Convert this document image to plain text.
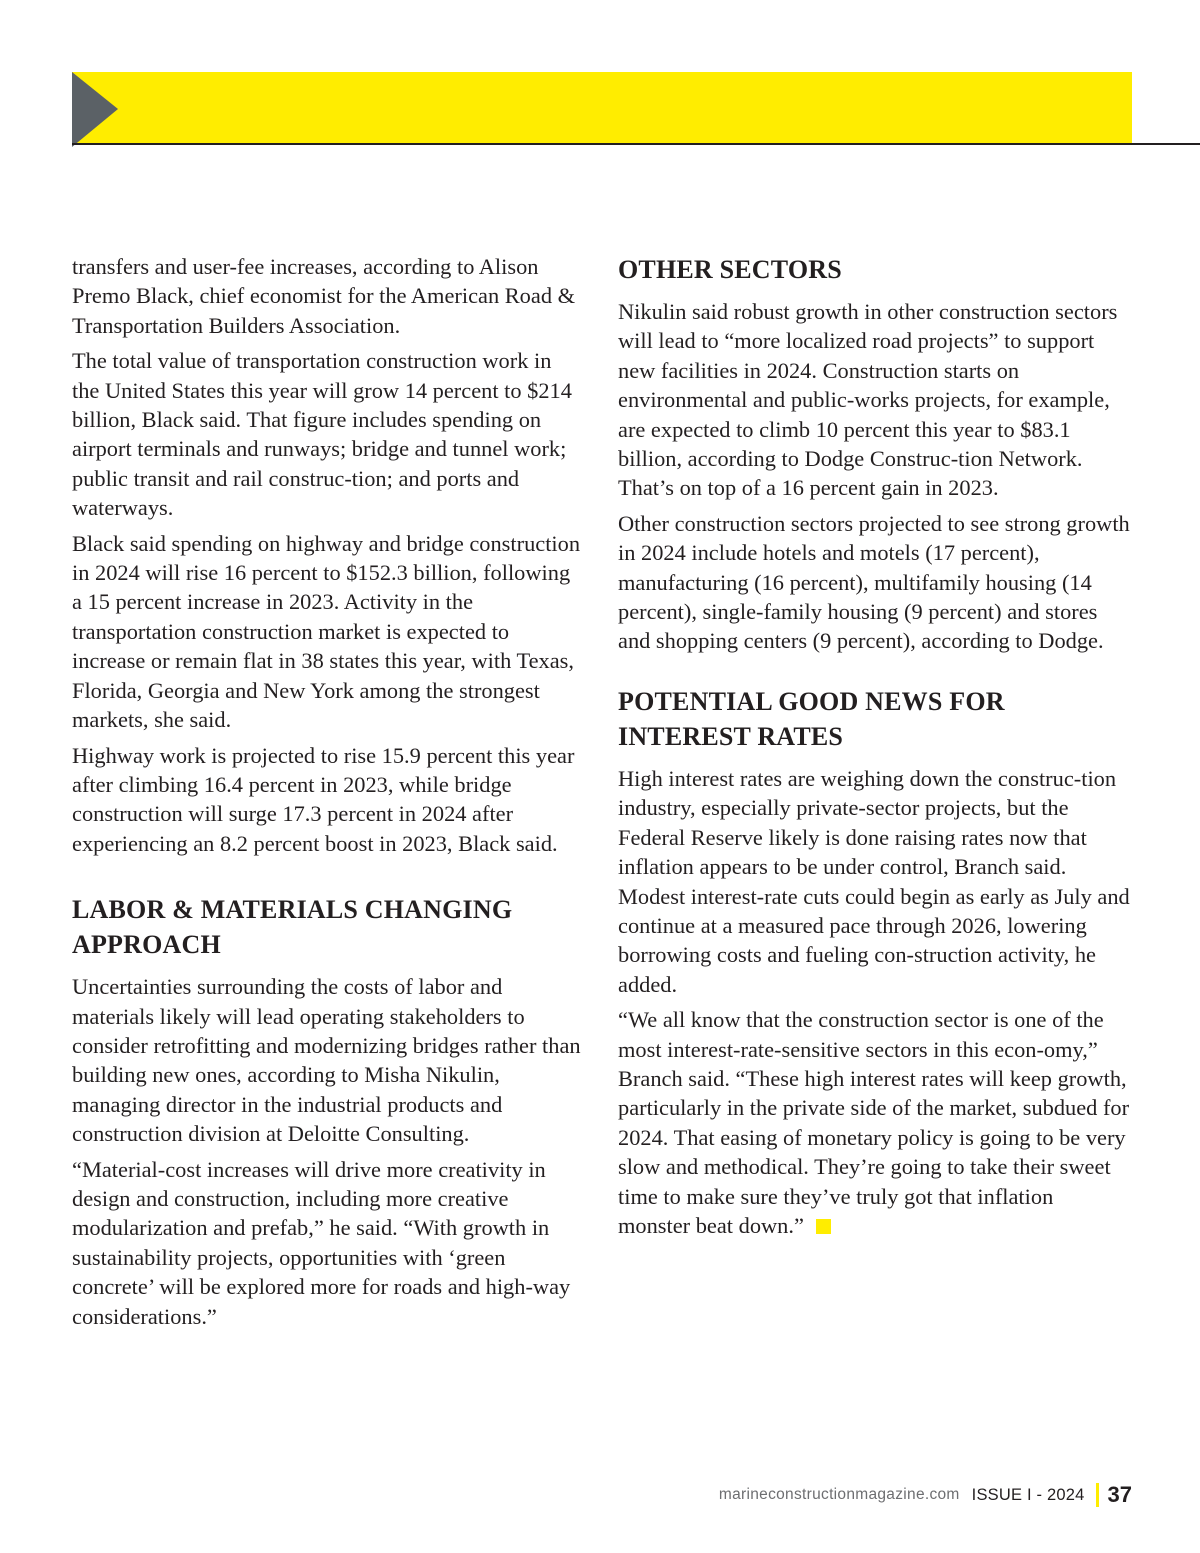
transfers and user-fee increases, according to Alison Premo Black, chief economist for the American Road & Transportation Builders Association.

The total value of transportation construction work in the United States this year will grow 14 percent to $214 billion, Black said. That figure includes spending on airport terminals and runways; bridge and tunnel work; public transit and rail construc-tion; and ports and waterways.

Black said spending on highway and bridge construction in 2024 will rise 16 percent to $152.3 billion, following a 15 percent increase in 2023. Activity in the transportation construction market is expected to increase or remain flat in 38 states this year, with Texas, Florida, Georgia and New York among the strongest markets, she said.

Highway work is projected to rise 15.9 percent this year after climbing 16.4 percent in 2023, while bridge construction will surge 17.3 percent in 2024 after experiencing an 8.2 percent boost in 2023, Black said.

LABOR & MATERIALS CHANGING APPROACH

Uncertainties surrounding the costs of labor and materials likely will lead operating stakeholders to consider retrofitting and modernizing bridges rather than building new ones, according to Misha Nikulin, managing director in the industrial products and construction division at Deloitte Consulting.

“Material-cost increases will drive more creativity in design and construction, including more creative modularization and prefab,” he said. “With growth in sustainability projects, opportunities with ‘green concrete’ will be explored more for roads and high-way considerations.”

OTHER SECTORS

Nikulin said robust growth in other construction sectors will lead to “more localized road projects” to support new facilities in 2024. Construction starts on environmental and public-works projects, for example, are expected to climb 10 percent this year to $83.1 billion, according to Dodge Construc-tion Network. That’s on top of a 16 percent gain in 2023.

Other construction sectors projected to see strong growth in 2024 include hotels and motels (17 percent), manufacturing (16 percent), multifamily housing (14 percent), single-family housing (9 percent) and stores and shopping centers (9 percent), according to Dodge.

POTENTIAL GOOD NEWS FOR INTEREST RATES

High interest rates are weighing down the construc-tion industry, especially private-sector projects, but the Federal Reserve likely is done raising rates now that inflation appears to be under control, Branch said. Modest interest-rate cuts could begin as early as July and continue at a measured pace through 2026, lowering borrowing costs and fueling con-struction activity, he added.

“We all know that the construction sector is one of the most interest-rate-sensitive sectors in this econ-omy,” Branch said. “These high interest rates will keep growth, particularly in the private side of the market, subdued for 2024. That easing of monetary policy is going to be very slow and methodical. They’re going to take their sweet time to make sure they’ve truly got that inflation monster beat down.”

marineconstructionmagazine.com ISSUE I - 2024 37
